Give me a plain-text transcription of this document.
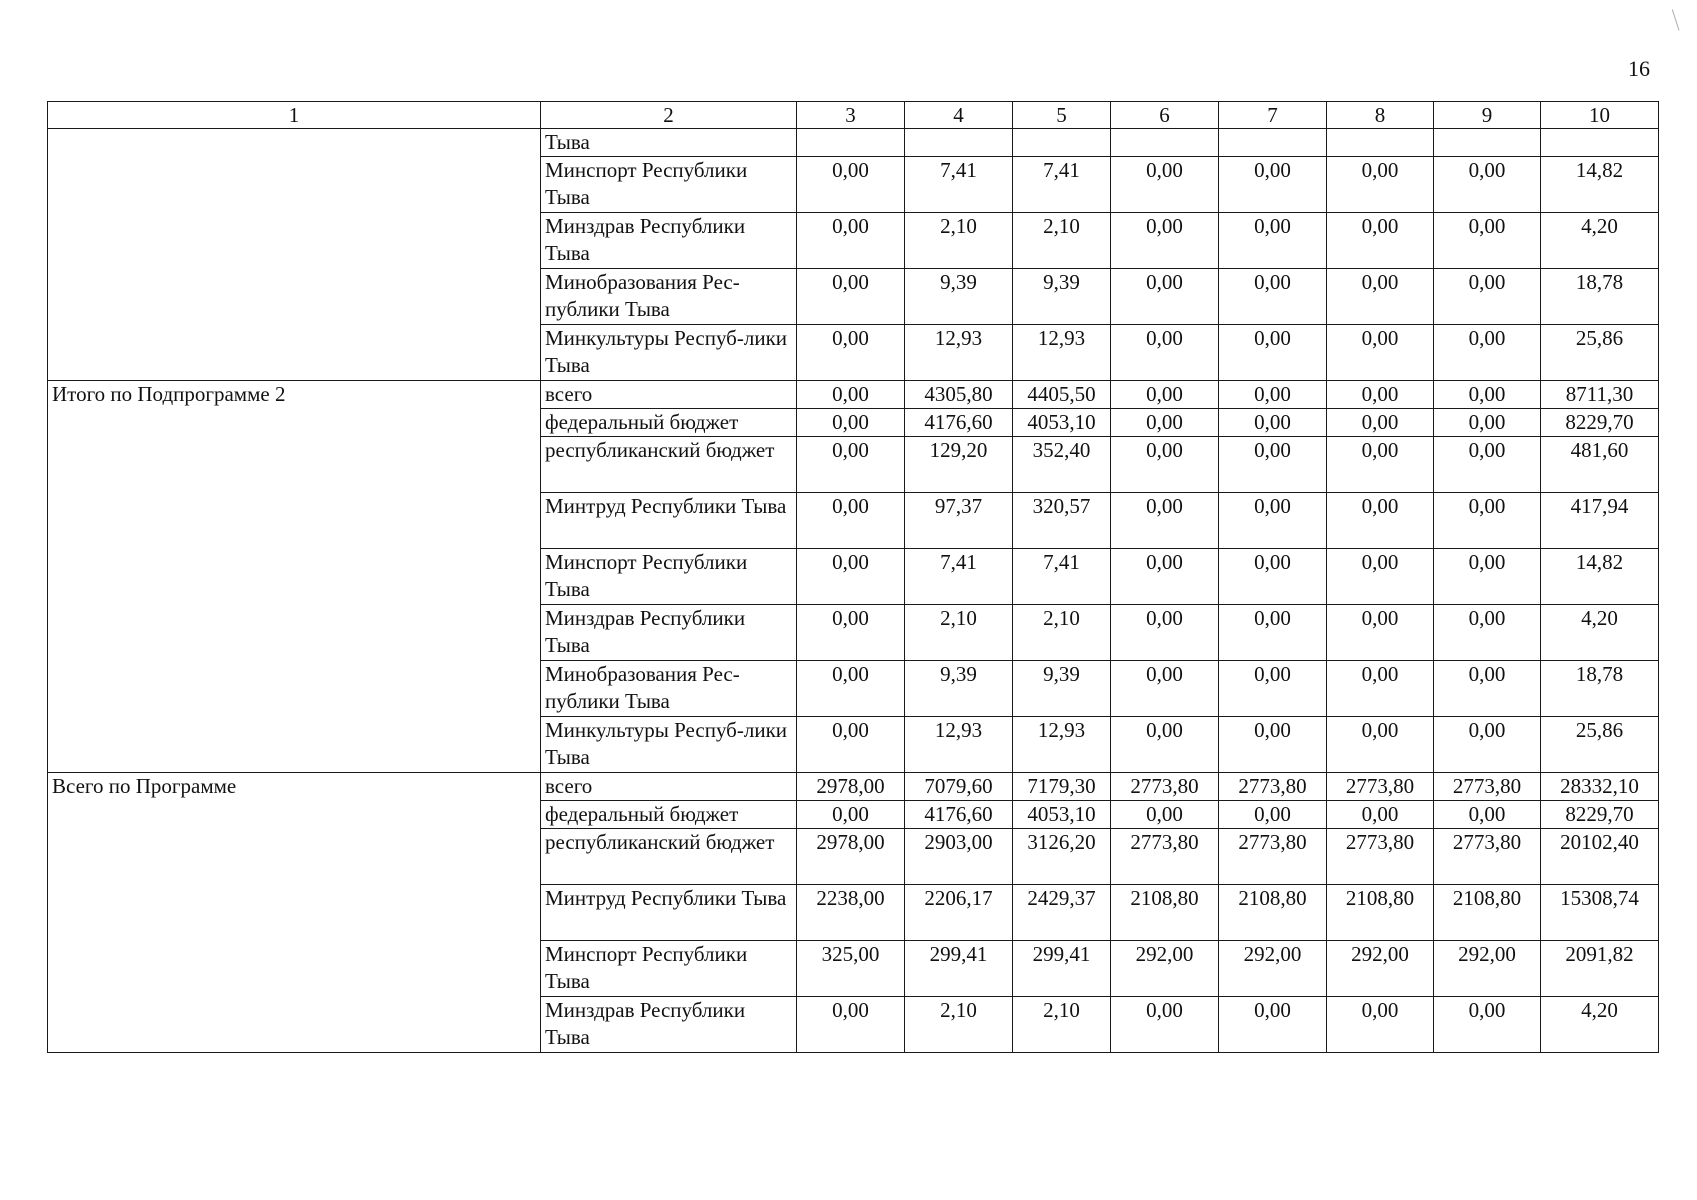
16
1	2	3	4	5	6	7	8	9	10
	Тыва								
	Минспорт Республики Тыва	0,00	7,41	7,41	0,00	0,00	0,00	0,00	14,82
	Минздрав Республики Тыва	0,00	2,10	2,10	0,00	0,00	0,00	0,00	4,20
	Минобразования Рес-публики Тыва	0,00	9,39	9,39	0,00	0,00	0,00	0,00	18,78
	Минкультуры Респуб-лики Тыва	0,00	12,93	12,93	0,00	0,00	0,00	0,00	25,86
Итого по Подпрограмме 2	всего	0,00	4305,80	4405,50	0,00	0,00	0,00	0,00	8711,30
	федеральный бюджет	0,00	4176,60	4053,10	0,00	0,00	0,00	0,00	8229,70
	республиканский бюджет	0,00	129,20	352,40	0,00	0,00	0,00	0,00	481,60
	Минтруд Республики Тыва	0,00	97,37	320,57	0,00	0,00	0,00	0,00	417,94
	Минспорт Республики Тыва	0,00	7,41	7,41	0,00	0,00	0,00	0,00	14,82
	Минздрав Республики Тыва	0,00	2,10	2,10	0,00	0,00	0,00	0,00	4,20
	Минобразования Рес-публики Тыва	0,00	9,39	9,39	0,00	0,00	0,00	0,00	18,78
	Минкультуры Респуб-лики Тыва	0,00	12,93	12,93	0,00	0,00	0,00	0,00	25,86
Всего по Программе	всего	2978,00	7079,60	7179,30	2773,80	2773,80	2773,80	2773,80	28332,10
	федеральный бюджет	0,00	4176,60	4053,10	0,00	0,00	0,00	0,00	8229,70
	республиканский бюджет	2978,00	2903,00	3126,20	2773,80	2773,80	2773,80	2773,80	20102,40
	Минтруд Республики Тыва	2238,00	2206,17	2429,37	2108,80	2108,80	2108,80	2108,80	15308,74
	Минспорт Республики Тыва	325,00	299,41	299,41	292,00	292,00	292,00	292,00	2091,82
	Минздрав Республики Тыва	0,00	2,10	2,10	0,00	0,00	0,00	0,00	4,20
